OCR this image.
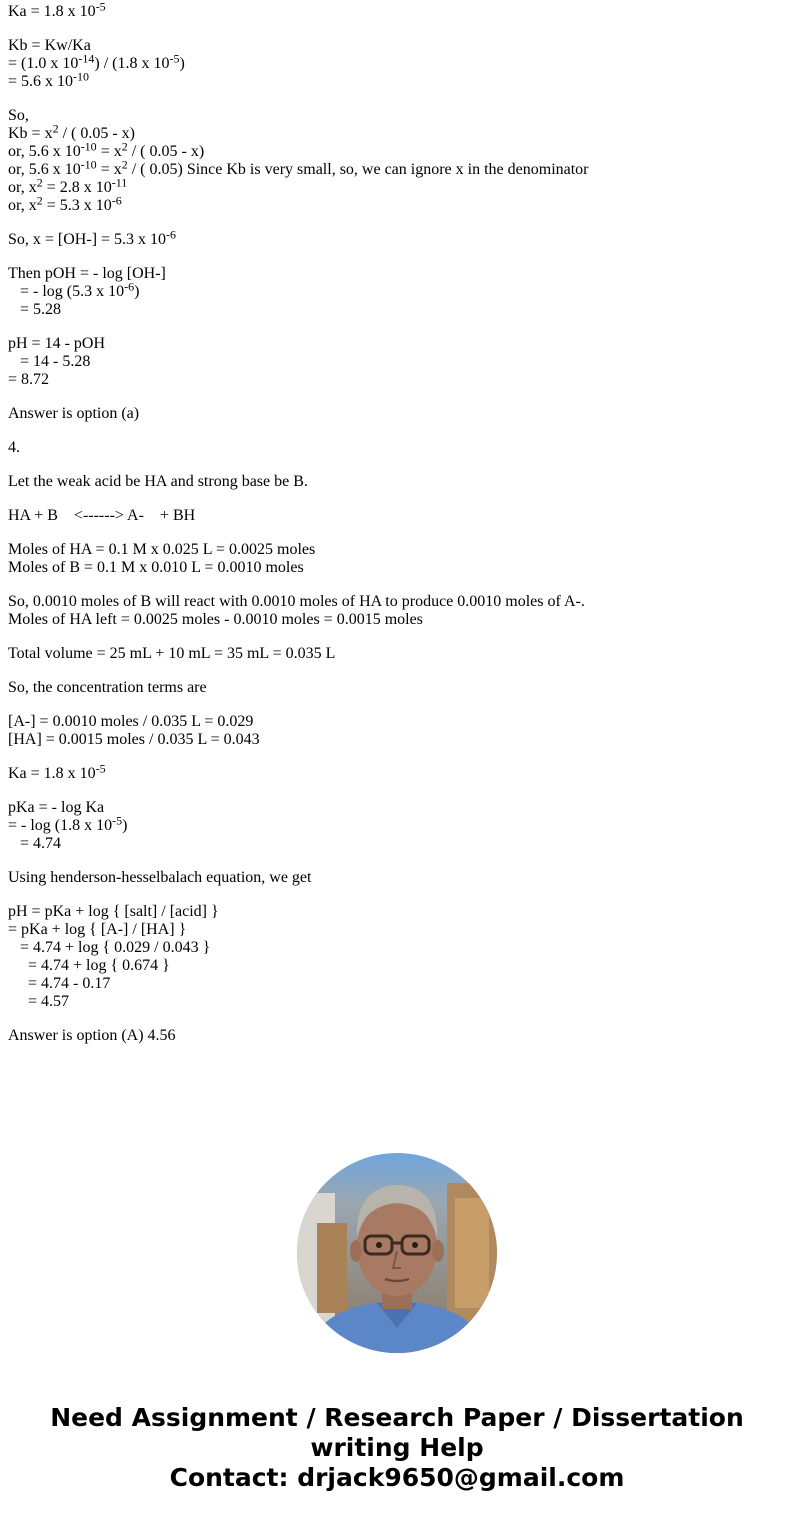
Ka = 1.8 x $10^{-5}$
Kb = Kw/Ka
= (1.0 x $10^{-14}) / (1.8$ x $10^{-5}$)
= 5.6 x $10^{-10}$
So,
$Kb = x^2$ / ( 0.05 - x)
or, 5.6 x $10^{-10} = x^2$ / ( 0.05 - x)
or, 5.6 x $10^{-10} = x^2$ / ( 0.05) Since Kb is very small, so, we can ignore x in the denominator
or, $x^2 = 2.8$ x $10^{-11}$
or, $x^2 = 5.3$ x $10^{-6}$
So, x = [OH-] = 5.3 x $10^{-6}$
Then pOH = - log [OH-]
= - log (5.3 x $10^{-6}$)
= 5.28
pH = 14 - pOH
= 14 - 5.28
= 8.72
Answer is option (a)
4.
Let the weak acid be HA and strong base be B.
HA + B    <------> A-    + BH
Moles of HA = 0.1 M x 0.025 L = 0.0025 moles
Moles of B = 0.1 M x 0.010 L = 0.0010 moles
So, 0.0010 moles of B will react with 0.0010 moles of HA to produce 0.0010 moles of A-.
Moles of HA left = 0.0025 moles - 0.0010 moles = 0.0015 moles
Total volume = 25 mL + 10 mL = 35 mL = 0.035 L
So, the concentration terms are
[A-] = 0.0010 moles / 0.035 L = 0.029
[HA] = 0.0015 moles / 0.035 L = 0.043
Ka = 1.8 x $10^{-5}$
pKa = - log Ka
= - log (1.8 x $10^{-5}$)
= 4.74
Using henderson-hesselbalach equation, we get
pH = pKa + log { [salt] / [acid] }
= pKa + log { [A-] / [HA] }
= 4.74 + log { 0.029 / 0.043 }
= 4.74 + log { 0.674 }
= 4.74 - 0.17
= 4.57
Answer is option (A) 4.56
Need Assignment / Research Paper / Dissertation
writing Help
Contact: drjack9650@gmail.com
